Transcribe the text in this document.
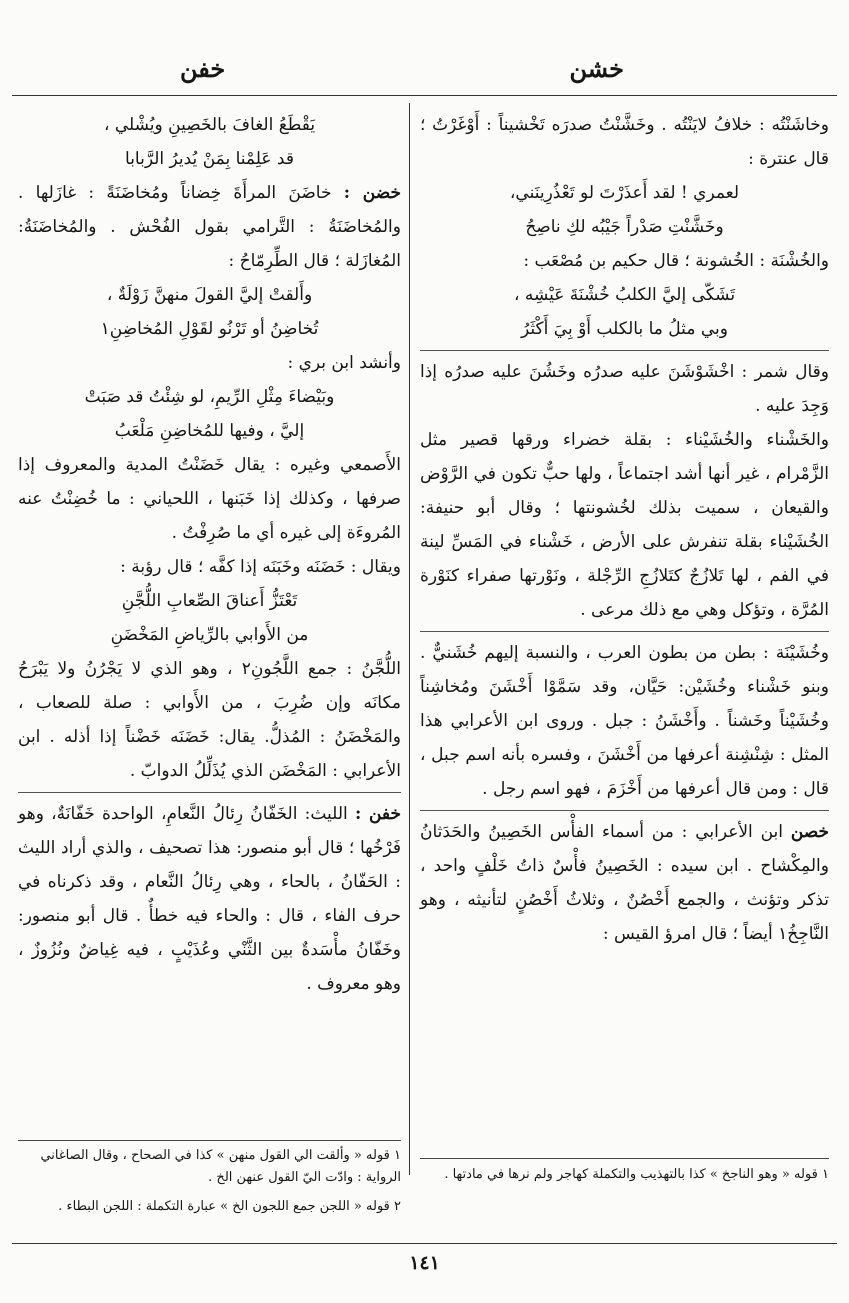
خشن
خفن

وخاشَنْتُه : خلافُ لايَنْتُه . وخَشَّنْتُ صدرَه تَخْشيناً : أَوْغَرْتُ ؛ قال عنترة :

لعمري ! لقد أَعذَرْتَ لو تَعْذُرِينَني،

وخَشَّنْتِ صَدْراً جَيْبُه لكِ ناصِحُ

والخُشْنَة : الخُشونة ؛ قال حكيم بن مُصْعَب :

تَشَكّى إليَّ الكلبُ خُشْنَةَ عَيْشِه ،

وبي مثلُ ما بالكلب أَوْ بِيَ أَكْثَرُ

وقال شمر : اخْشَوْشَنَ عليه صدرُه وخَشُنَ عليه صدرُه إذا وَجِدَ عليه .

والخَشْناء والخُشَيْناء : بقلة خضراء ورقها قصير مثل الزَّمْرام ، غير أنها أشد اجتماعاً ، ولها حبٌّ تكون في الرَّوْض والقيعان ، سميت بذلك لخُشونتها ؛ وقال أبو حنيفة: الخُشَيْناء بقلة تنفرش على الأرض ، خَشْناء في المَسِّ لينة في الفم ، لها تَلازُجٌ كتَلازُجِ الرِّجْلة ، ونَوْرتها صفراء كنَوْرة المُرَّة ، وتؤكل وهي مع ذلك مرعى .

وخُشَيْنَة : بطن من بطون العرب ، والنسبة إليهم خُشَنيٌّ . وبنو خَشْناء وخُشَيْن: حَيَّان، وقد سَمَّوْا أَخْشَنَ ومُخاشِناً وخُشَيْناً وخَشناً . وأَخْشَنُ : جبل . وروى ابن الأعرابي هذا المثل : شِنْشِنة أعرفها من أَخْشَنَ ، وفسره بأنه اسم جبل ، قال : ومن قال أعرفها من أَخْزَمَ ، فهو اسم رجل .

خصن ابن الأعرابي : من أسماء الفأْس الخَصِينُ والحَدَثانُ والمِكْشاح . ابن سيده : الخَصِينُ فأْسٌ ذاتُ خَلْفٍ واحد ، تذكر وتؤنث ، والجمع أَخْصُنٌ ، وثلاثُ أَخْصُنٍ لتأنيثه ، وهو النَّاجِخُ١ أيضاً ؛ قال امرؤ القيس :

يَقْطَعُ الغافَ بالخَصِينِ ويُشْلي ،

قد عَلِمْنا بِمَنْ يُديرُ الرَّبابا

خضن : خاضَنَ المرأَةَ خِضاناً ومُخاضَنَةً : غازَلها . والمُخاضَنَةُ : التَّرامي بقول الفُحْش . والمُخاضَنَةُ: المُغازَلة ؛ قال الطِّرِمّاحُ :

وأَلقتْ إليَّ القولَ منهنَّ زَوْلَةٌ ،

تُخاضِنُ أو تَرْنُو لقَوْلِ المُخاضِنِ١

وأنشد ابن بري :

وبَيْضاءَ مِثْلِ الرِّيمِ، لو شِئْتُ قد صَبَتْ

إليَّ ، وفيها للمُخاضِنِ مَلْعَبُ

الأَصمعي وغيره : يقال خَضَنْتُ المدية والمعروف إذا صرفها ، وكذلك إذا خَبَنها ، اللحياني : ما خُضِنْتُ عنه المُروءَة إلى غيره أي ما صُرِفْتُ .

ويقال : خَضَنَه وخَبَنَه إذا كفَّه ؛ قال رؤبة :

تَعْتَزُّ أَعناقَ الصِّعابِ اللُّجَّنِ

من الأَوابي بالرِّياضِ المَخْضَنِ

اللُّجَّنُ : جمع اللَّجُونِ٢ ، وهو الذي لا يَجْرُنُ ولا يَبْرَحُ مكانَه وإن ضُرِبَ ، من الأَوابي : صلة للصعاب ، والمَخْضَنُ : المُذلُّ. يقال: خَضَنَه خَضْناً إذا أذله . ابن الأعرابي : المَخْضَن الذي يُذَلِّلُ الدوابّ .

خفن : الليث: الخَفّانُ رِئالُ النَّعامِ، الواحدة خَفّانَةٌ، وهو فَرْخُها ؛ قال أبو منصور: هذا تصحيف ، والذي أراد الليث : الحَفّانُ ، بالحاء ، وهي رِئالُ النَّعام ، وقد ذكرناه في حرف الفاء ، قال : والحاء فيه خطأٌ . قال أبو منصور: وخَفّانُ مأْسَدةٌ بين الثَّنْي وعُذَيْبٍ ، فيه غِياضٌ ونُزُوزٌ ، وهو معروف .

١ قوله « وهو الناجخ » كذا بالتهذيب والتكملة كهاجر ولم نرها في مادتها .
١ قوله « وألقت الي القول منهن » كذا في الصحاح ، وقال الصاغاني الرواية : وادّت اليّ القول عنهن الخ .
٢ قوله « اللجن جمع اللجون الخ » عبارة التكملة : اللجن البطاء .
١٤١
